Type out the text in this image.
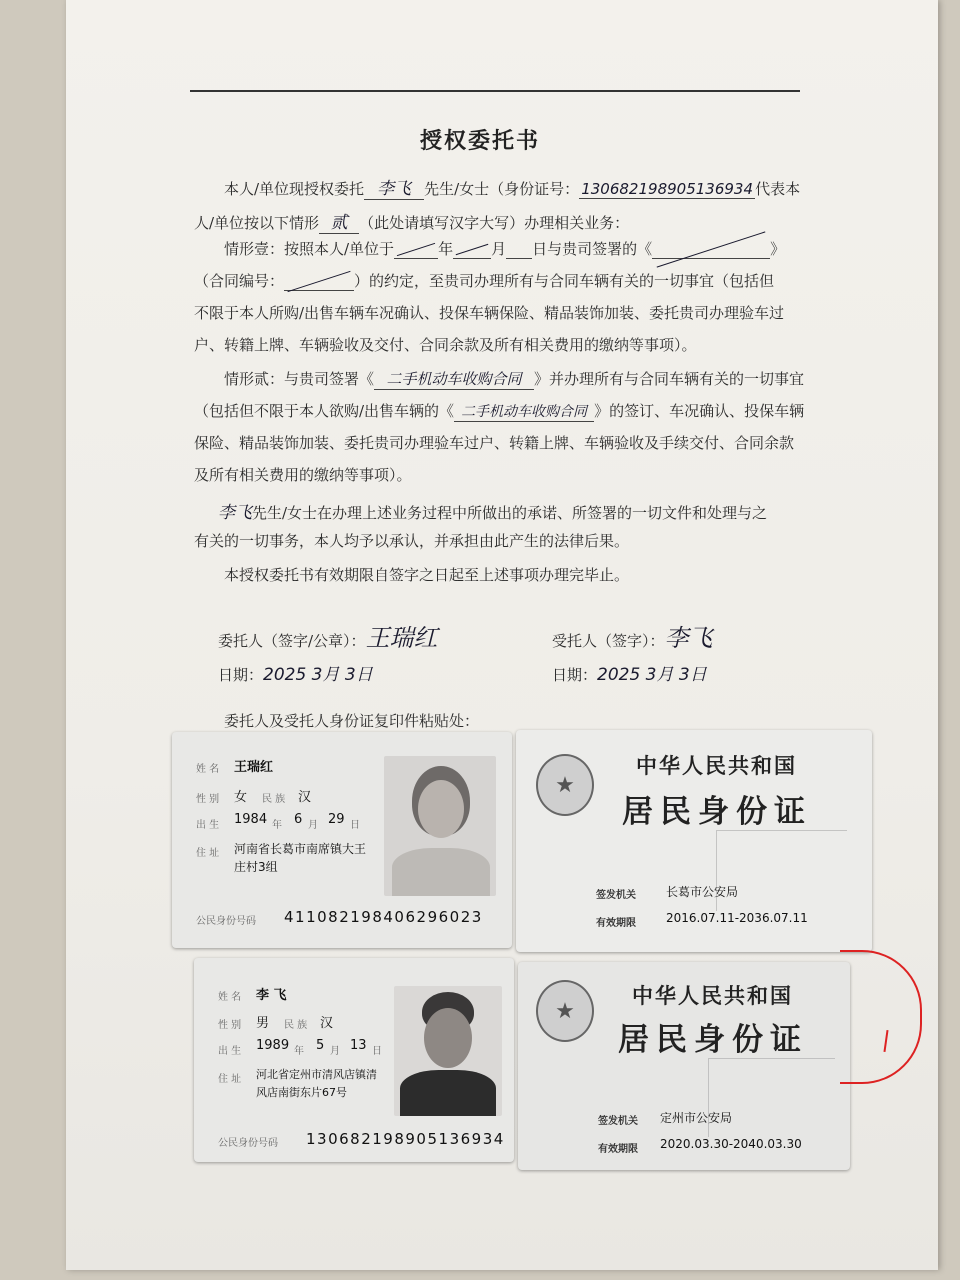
授权委托书
本人/单位现授权委托 李飞 先生/女士（身份证号： 130682198905136934 代表本
人/单位按以下情形 贰 （此处请填写汉字大写）办理相关业务：
情形壹：按照本人/单位于	年	月 日与贵司签署的《	》
（合同编号：	）的约定，至贵司办理所有与合同车辆有关的一切事宜（包括但
不限于本人所购/出售车辆车况确认、投保车辆保险、精品装饰加装、委托贵司办理验车过
户、转籍上牌、车辆验收及交付、合同余款及所有相关费用的缴纳等事项）。
情形贰：与贵司签署《 二手机动车收购合同 》并办理所有与合同车辆有关的一切事宜
（包括但不限于本人欲购/出售车辆的《 二手机动车收购合同 》的签订、车况确认、投保车辆
保险、精品装饰加装、委托贵司办理验车过户、转籍上牌、车辆验收及手续交付、合同余款
及所有相关费用的缴纳等事项）。
李飞先生/女士在办理上述业务过程中所做出的承诺、所签署的一切文件和处理与之
有关的一切事务，本人均予以承认，并承担由此产生的法律后果。
本授权委托书有效期限自签字之日起至上述事项办理完毕止。
委托人（签字/公章）：王瑞红	受托人（签字）：李飞
日期：2025 3月 3日	日期：2025 3月 3日
委托人及受托人身份证复印件粘贴处：
姓 名 王瑞红
性 别 女 民 族 汉
出 生 1984 年 6 月 29 日
住 址 河南省长葛市南席镇大王
庄村3组
公民身份号码 411082198406296023
★
中华人民共和国
居民身份证
签发机关	长葛市公安局
有效期限	2016.07.11-2036.07.11
姓 名 李 飞
性 别 男 民 族 汉
出 生 1989 年 5 月 13 日
住 址 河北省定州市清风店镇清
风店南街东片67号
公民身份号码 130682198905136934
★
中华人民共和国
居民身份证
签发机关 定州市公安局
有效期限 2020.03.30-2040.03.30
